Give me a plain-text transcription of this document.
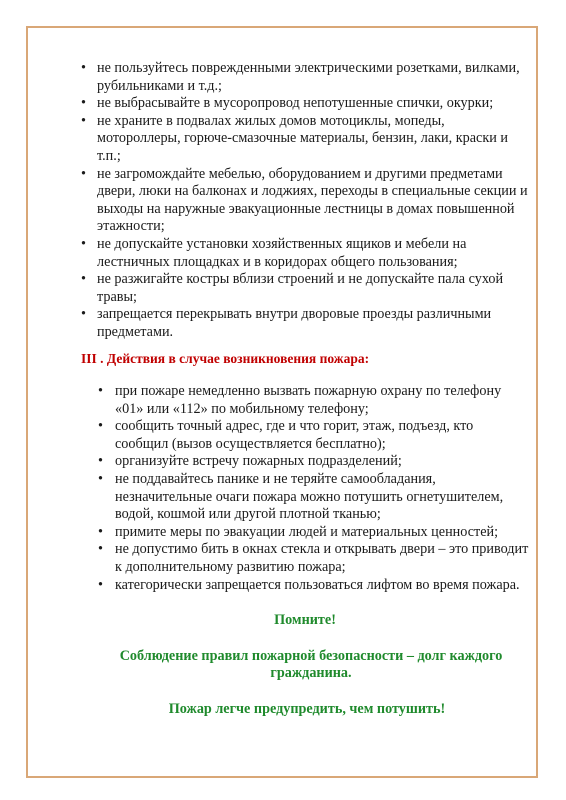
• не пользуйтесь поврежденными электрическими розетками, вилками, рубильниками и т.д.;
• не выбрасывайте в мусоропровод непотушенные спички, окурки;
• не храните в подвалах жилых домов мотоциклы, мопеды, мотороллеры, горюче-смазочные материалы, бензин, лаки, краски и т.п.;
• не загромождайте мебелью, оборудованием и другими предметами двери, люки на балконах и лоджиях, переходы в специальные секции и выходы на наружные эвакуационные лестницы в домах повышенной этажности;
• не допускайте установки хозяйственных ящиков и мебели на лестничных площадках и в коридорах общего пользования;
• не разжигайте костры вблизи строений и не допускайте пала сухой травы;
• запрещается перекрывать внутри дворовые проезды различными предметами.
III . Действия в случае возникновения пожара:
• при пожаре немедленно вызвать пожарную охрану по телефону «01» или «112» по мобильному телефону;
• сообщить точный адрес, где и что горит, этаж, подъезд, кто сообщил (вызов осуществляется бесплатно);
• организуйте встречу пожарных подразделений;
• не поддавайтесь панике и не теряйте самообладания, незначительные очаги пожара можно потушить огнетушителем, водой, кошмой или другой плотной тканью;
• примите меры по эвакуации людей и материальных ценностей;
• не допустимо бить в окнах стекла и открывать двери – это приводит к дополнительному развитию пожара;
• категорически запрещается пользоваться лифтом во время пожара.
Помните!
Соблюдение правил пожарной безопасности – долг каждого гражданина.
Пожар легче предупредить, чем потушить!
